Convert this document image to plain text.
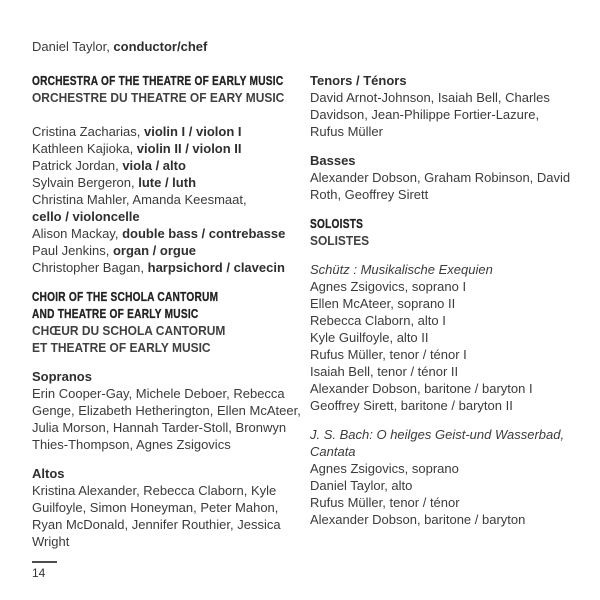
Daniel Taylor, conductor/chef
ORCHESTRA OF THE THEATRE OF EARLY MUSIC
ORCHESTRE DU THEATRE OF EARY MUSIC
Cristina Zacharias, violin I / violon I
Kathleen Kajioka, violin II / violon II
Patrick Jordan, viola / alto
Sylvain Bergeron, lute / luth
Christina Mahler, Amanda Keesmaat,
cello / violoncelle
Alison Mackay, double bass / contrebasse
Paul Jenkins, organ / orgue
Christopher Bagan, harpsichord / clavecin
CHOIR OF THE SCHOLA CANTORUM
AND THEATRE OF EARLY MUSIC
CHŒUR DU SCHOLA CANTORUM
ET THEATRE OF EARLY MUSIC
Sopranos
Erin Cooper-Gay, Michele Deboer, Rebecca Genge, Elizabeth Hetherington, Ellen McAteer, Julia Morson, Hannah Tarder-Stoll, Bronwyn Thies-Thompson, Agnes Zsigovics
Altos
Kristina Alexander, Rebecca Claborn, Kyle Guilfoyle, Simon Honeyman, Peter Mahon, Ryan McDonald, Jennifer Routhier, Jessica Wright
Tenors / Ténors
David Arnot-Johnson, Isaiah Bell, Charles Davidson, Jean-Philippe Fortier-Lazure, Rufus Müller
Basses
Alexander Dobson, Graham Robinson, David Roth, Geoffrey Sirett
SOLOISTS
SOLISTES
Schütz : Musikalische Exequien
Agnes Zsigovics, soprano I
Ellen McAteer, soprano II
Rebecca Claborn, alto I
Kyle Guilfoyle, alto II
Rufus Müller, tenor / ténor I
Isaiah Bell, tenor / ténor II
Alexander Dobson, baritone / baryton I
Geoffrey Sirett, baritone / baryton II
J. S. Bach: O heilges Geist-und Wasserbad, Cantata
Agnes Zsigovics, soprano
Daniel Taylor, alto
Rufus Müller, tenor / ténor
Alexander Dobson, baritone / baryton
14
